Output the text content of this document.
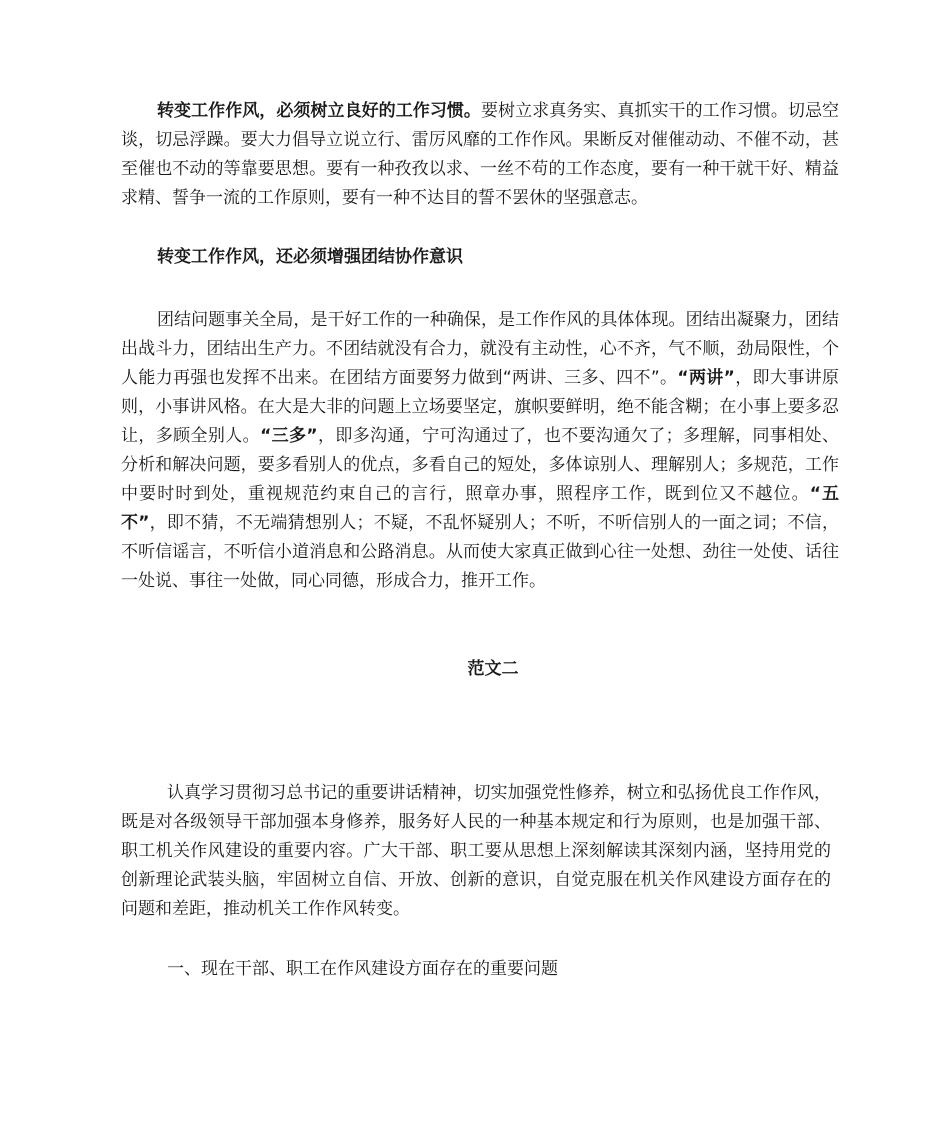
转变工作作风，必须树立良好的工作习惯。要树立求真务实、真抓实干的工作习惯。切忌空谈，切忌浮躁。要大力倡导立说立行、雷厉风靡的工作作风。果断反对催催动动、不催不动，甚至催也不动的等靠要思想。要有一种孜孜以求、一丝不苟的工作态度，要有一种干就干好、精益求精、誓争一流的工作原则，要有一种不达目的誓不罢休的坚强意志。

转变工作作风，还必须增强团结协作意识

团结问题事关全局，是干好工作的一种确保，是工作作风的具体体现。团结出凝聚力，团结出战斗力，团结出生产力。不团结就没有合力，就没有主动性，心不齐，气不顺，劲局限性，个人能力再强也发挥不出来。在团结方面要努力做到“两讲、三多、四不”。“两讲”，即大事讲原则，小事讲风格。在大是大非的问题上立场要坚定，旗帜要鲜明，绝不能含糊；在小事上要多忍让，多顾全别人。“三多”，即多沟通，宁可沟通过了，也不要沟通欠了；多理解，同事相处、分析和解决问题，要多看别人的优点，多看自己的短处，多体谅别人、理解别人；多规范，工作中要时时到处，重视规范约束自己的言行，照章办事，照程序工作，既到位又不越位。“五不”，即不猜，不无端猜想别人；不疑，不乱怀疑别人；不听，不听信别人的一面之词；不信，不听信谣言，不听信小道消息和公路消息。从而使大家真正做到心往一处想、劲往一处使、话往一处说、事往一处做，同心同德，形成合力，推开工作。

范文二

认真学习贯彻习总书记的重要讲话精神，切实加强党性修养，树立和弘扬优良工作作风，既是对各级领导干部加强本身修养，服务好人民的一种基本规定和行为原则，也是加强干部、职工机关作风建设的重要内容。广大干部、职工要从思想上深刻解读其深刻内涵，坚持用党的创新理论武装头脑，牢固树立自信、开放、创新的意识，自觉克服在机关作风建设方面存在的问题和差距，推动机关工作作风转变。

一、现在干部、职工在作风建设方面存在的重要问题
